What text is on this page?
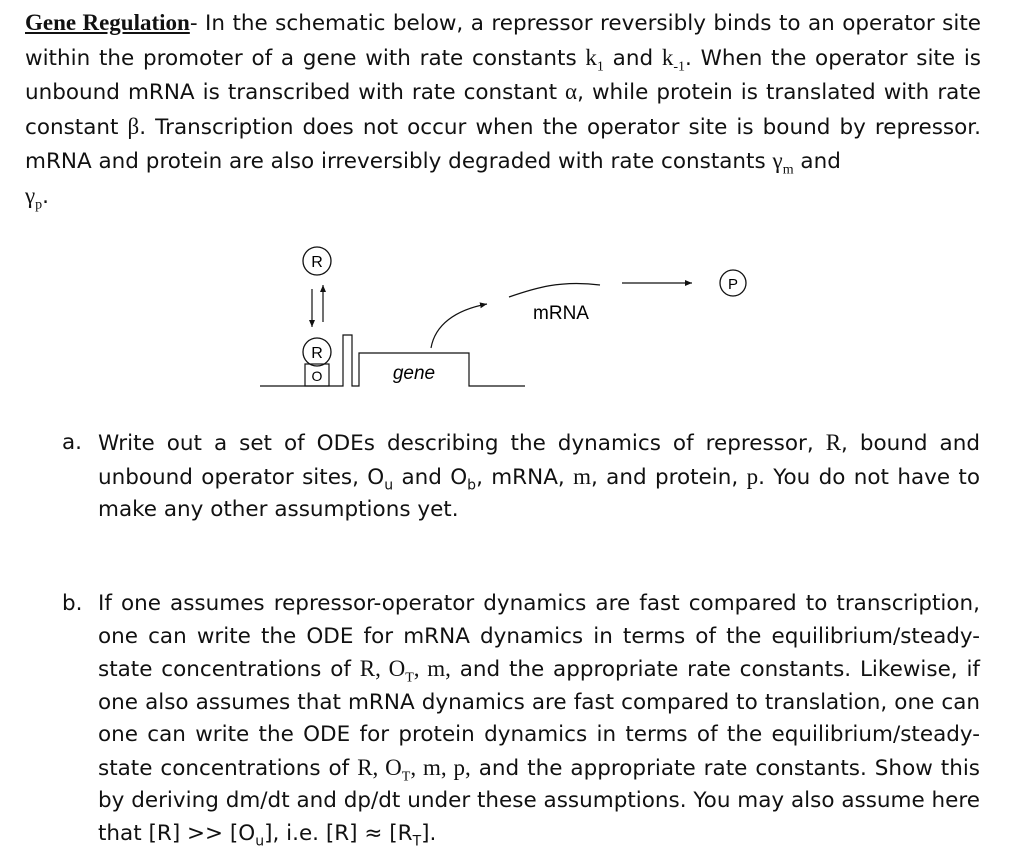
Gene Regulation- In the schematic below, a repressor reversibly binds to an operator site within the promoter of a gene with rate constants $k_1$ and $k_{-1}$. When the operator site is unbound mRNA is transcribed with rate constant α, while protein is translated with rate constant β. Transcription does not occur when the operator site is bound by repressor. mRNA and protein are also irreversibly degraded with rate constants $\gamma_m$ and
$\gamma_p$.
R
R
O	gene
mRNA
P
a. Write out a set of ODEs describing the dynamics of repressor, R, bound and unbound operator sites, $O_u$ and $O_b$, mRNA, m, and protein, p. You do not have to make any other assumptions yet.
b. If one assumes repressor-operator dynamics are fast compared to transcription, one can write the ODE for mRNA dynamics in terms of the equilibrium/steady-state concentrations of R, $O_T$, m, and the appropriate rate constants. Likewise, if one also assumes that mRNA dynamics are fast compared to translation, one can one can write the ODE for protein dynamics in terms of the equilibrium/steady-state concentrations of R, $O_T$, m, p, and the appropriate rate constants. Show this by deriving dm/dt and dp/dt under these assumptions. You may also assume here that $[R] >> [O_u]$, i.e. $[R] \approx [R_T]$.
